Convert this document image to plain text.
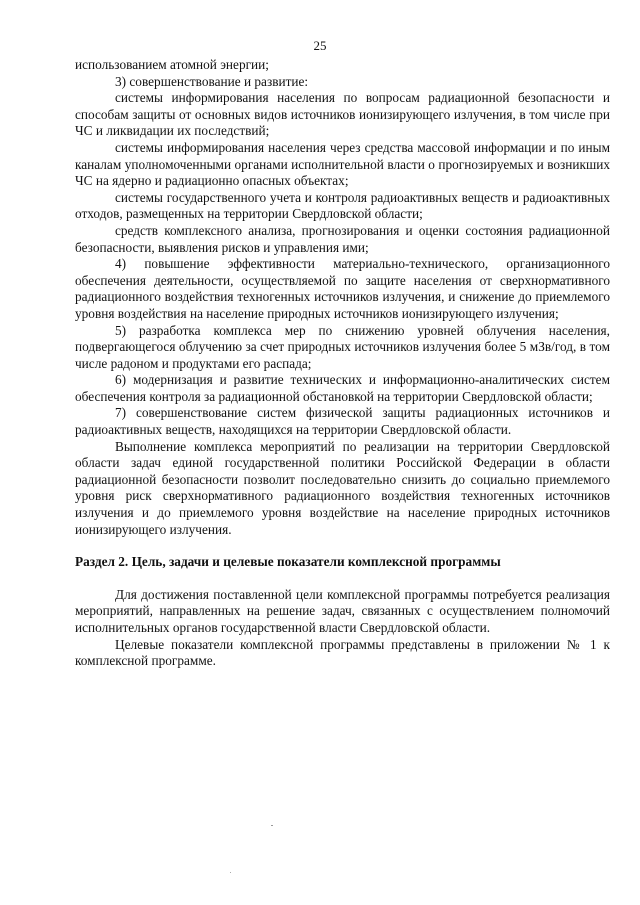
25

использованием атомной энергии;

3) совершенствование и развитие:

системы информирования населения по вопросам радиационной безопасности и способам защиты от основных видов источников ионизирующего излучения, в том числе при ЧС и ликвидации их последствий;

системы информирования населения через средства массовой информации и по иным каналам уполномоченными органами исполнительной власти о прогнозируемых и возникших ЧС на ядерно и радиационно опасных объектах;

системы государственного учета и контроля радиоактивных веществ и радиоактивных отходов, размещенных на территории Свердловской области;

средств комплексного анализа, прогнозирования и оценки состояния радиационной безопасности, выявления рисков и управления ими;

4) повышение эффективности материально-технического, организационного обеспечения деятельности, осуществляемой по защите населения от сверхнормативного радиационного воздействия техногенных источников излучения, и снижение до приемлемого уровня воздействия на население природных источников ионизирующего излучения;

5) разработка комплекса мер по снижению уровней облучения населения, подвергающегося облучению за счет природных источников излучения более 5 мЗв/год, в том числе радоном и продуктами его распада;

6) модернизация и развитие технических и информационно-аналитических систем обеспечения контроля за радиационной обстановкой на территории Свердловской области;

7) совершенствование систем физической защиты радиационных источников и радиоактивных веществ, находящихся на территории Свердловской области.

Выполнение комплекса мероприятий по реализации на территории Свердловской области задач единой государственной политики Российской Федерации в области радиационной безопасности позволит последовательно снизить до социально приемлемого уровня риск сверхнормативного радиационного воздействия техногенных источников излучения и до приемлемого уровня воздействие на население природных источников ионизирующего излучения.

Раздел 2. Цель, задачи и целевые показатели комплексной программы

Для достижения поставленной цели комплексной программы потребуется реализация мероприятий, направленных на решение задач, связанных с осуществлением полномочий исполнительных органов государственной власти Свердловской области.

Целевые показатели комплексной программы представлены в приложении № 1 к комплексной программе.
